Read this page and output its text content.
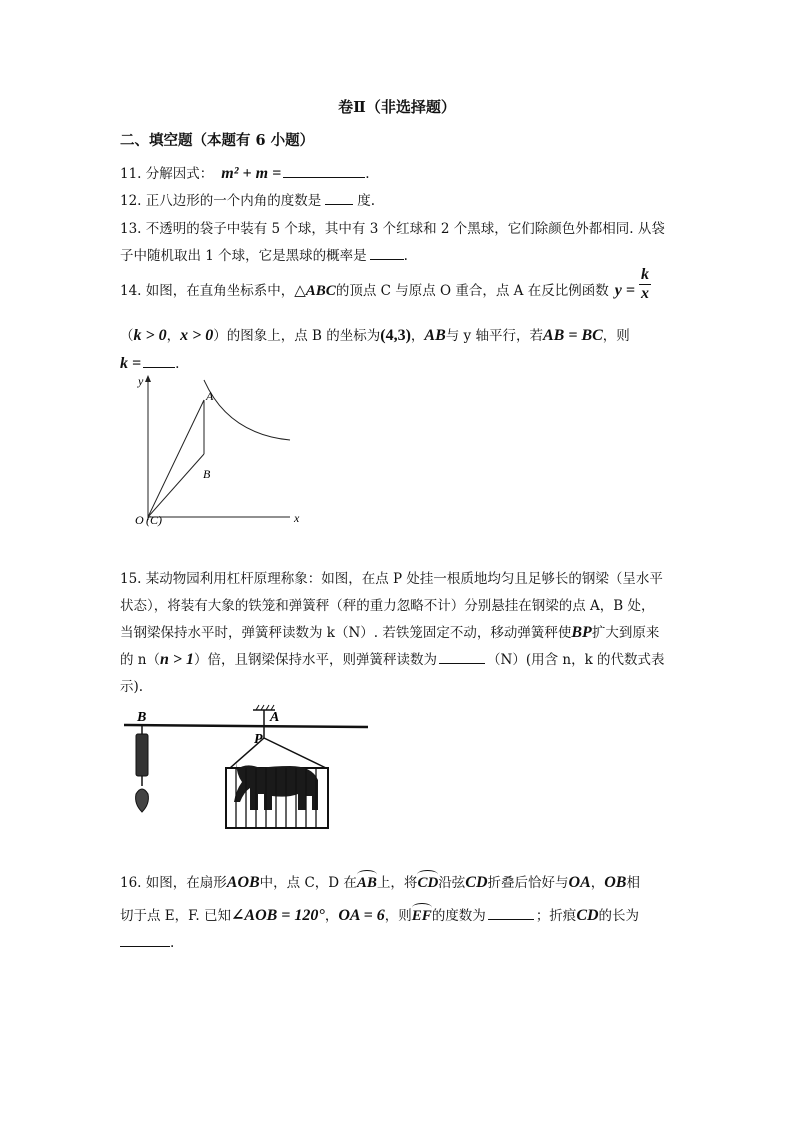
卷Ⅱ（非选择题）
二、填空题（本题有 6 小题）
11. 分解因式： m² + m =	.
12. 正八边形的一个内角的度数是	度.
13. 不透明的袋子中装有 5 个球，其中有 3 个红球和 2 个黑球，它们除颜色外都相同. 从袋
子中随机取出 1 个球，它是黑球的概率是	.
14. 如图，在直角坐标系中，△ABC的顶点 C 与原点 O 重合，点 A 在反比例函数 $y = \frac{k}{x}$
（k > 0，x > 0）的图象上，点 B 的坐标为(4,3)，AB与 y 轴平行，若AB = BC，则
k =	.
y
x
A
B
O (C)
15. 某动物园利用杠杆原理称象：如图，在点 P 处挂一根质地均匀且足够长的钢梁（呈水平
状态），将装有大象的铁笼和弹簧秤（秤的重力忽略不计）分别悬挂在钢梁的点 A，B 处，
当钢梁保持水平时，弹簧秤读数为 k（N）. 若铁笼固定不动，移动弹簧秤使BP扩大到原来
的 n（n > 1）倍，且钢梁保持水平，则弹簧秤读数为	（N）(用含 n，k 的代数式表
示).
B	A
P
16. 如图，在扇形AOB中，点 C，D 在AB上，将CD沿弦CD折叠后恰好与OA，OB相
切于点 E，F. 已知∠AOB = 120°，OA = 6，则EF的度数为	；折痕CD的长为
.
